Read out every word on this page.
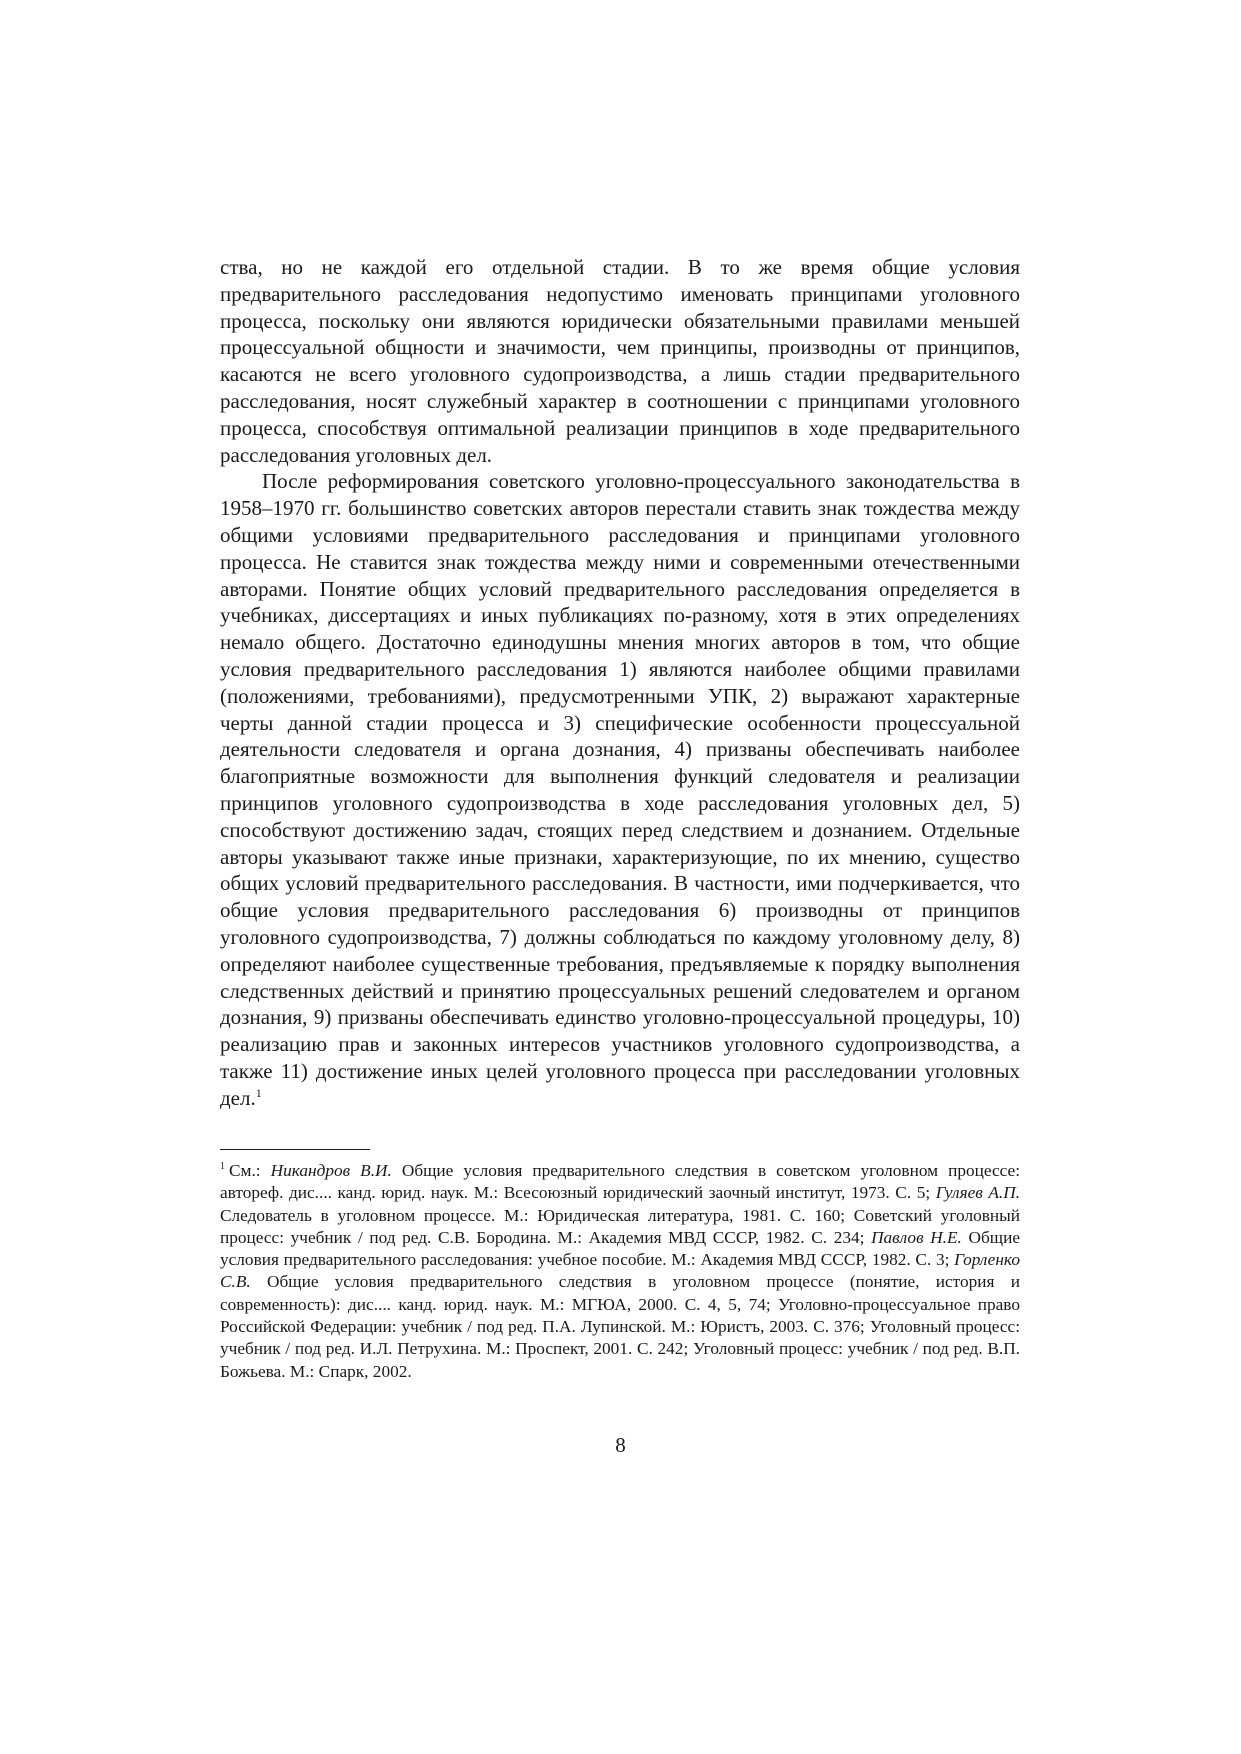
ства, но не каждой его отдельной стадии. В то же время общие условия предварительного расследования недопустимо именовать принципами уголовного процесса, поскольку они являются юридически обязательными правилами меньшей процессуальной общности и значимости, чем принципы, производны от принципов, касаются не всего уголовного судопроизводства, а лишь стадии предварительного расследования, носят служебный характер в соотношении с принципами уголовного процесса, способствуя оптимальной реализации принципов в ходе предварительного расследования уголовных дел.

После реформирования советского уголовно-процессуального законодательства в 1958–1970 гг. большинство советских авторов перестали ставить знак тождества между общими условиями предварительного расследования и принципами уголовного процесса. Не ставится знак тождества между ними и современными отечественными авторами. Понятие общих условий предварительного расследования определяется в учебниках, диссертациях и иных публикациях по-разному, хотя в этих определениях немало общего. Достаточно единодушны мнения многих авторов в том, что общие условия предварительного расследования 1) являются наиболее общими правилами (положениями, требованиями), предусмотренными УПК, 2) выражают характерные черты данной стадии процесса и 3) специфические особенности процессуальной деятельности следователя и органа дознания, 4) призваны обеспечивать наиболее благоприятные возможности для выполнения функций следователя и реализации принципов уголовного судопроизводства в ходе расследования уголовных дел, 5) способствуют достижению задач, стоящих перед следствием и дознанием. Отдельные авторы указывают также иные признаки, характеризующие, по их мнению, существо общих условий предварительного расследования. В частности, ими подчеркивается, что общие условия предварительного расследования 6) производны от принципов уголовного судопроизводства, 7) должны соблюдаться по каждому уголовному делу, 8) определяют наиболее существенные требования, предъявляемые к порядку выполнения следственных действий и принятию процессуальных решений следователем и органом дознания, 9) призваны обеспечивать единство уголовно-процессуальной процедуры, 10) реализацию прав и законных интересов участников уголовного судопроизводства, а также 11) достижение иных целей уголовного процесса при расследовании уголовных дел.$^1$

$^1$ См.: Никандров В.И. Общие условия предварительного следствия в советском уголовном процессе: автореф. дис.... канд. юрид. наук. М.: Всесоюзный юридический заочный институт, 1973. С. 5; Гуляев А.П. Следователь в уголовном процессе. М.: Юридическая литература, 1981. С. 160; Советский уголовный процесс: учебник / под ред. С.В. Бородина. М.: Академия МВД СССР, 1982. С. 234; Павлов Н.Е. Общие условия предварительного расследования: учебное пособие. М.: Академия МВД СССР, 1982. С. 3; Горленко С.В. Общие условия предварительного следствия в уголовном процессе (понятие, история и современность): дис.... канд. юрид. наук. М.: МГЮА, 2000. С. 4, 5, 74; Уголовно-процессуальное право Российской Федерации: учебник / под ред. П.А. Лупинской. М.: Юристъ, 2003. С. 376; Уголовный процесс: учебник / под ред. И.Л. Петрухина. М.: Проспект, 2001. С. 242; Уголовный процесс: учебник / под ред. В.П. Божьева. М.: Спарк, 2002.

8
